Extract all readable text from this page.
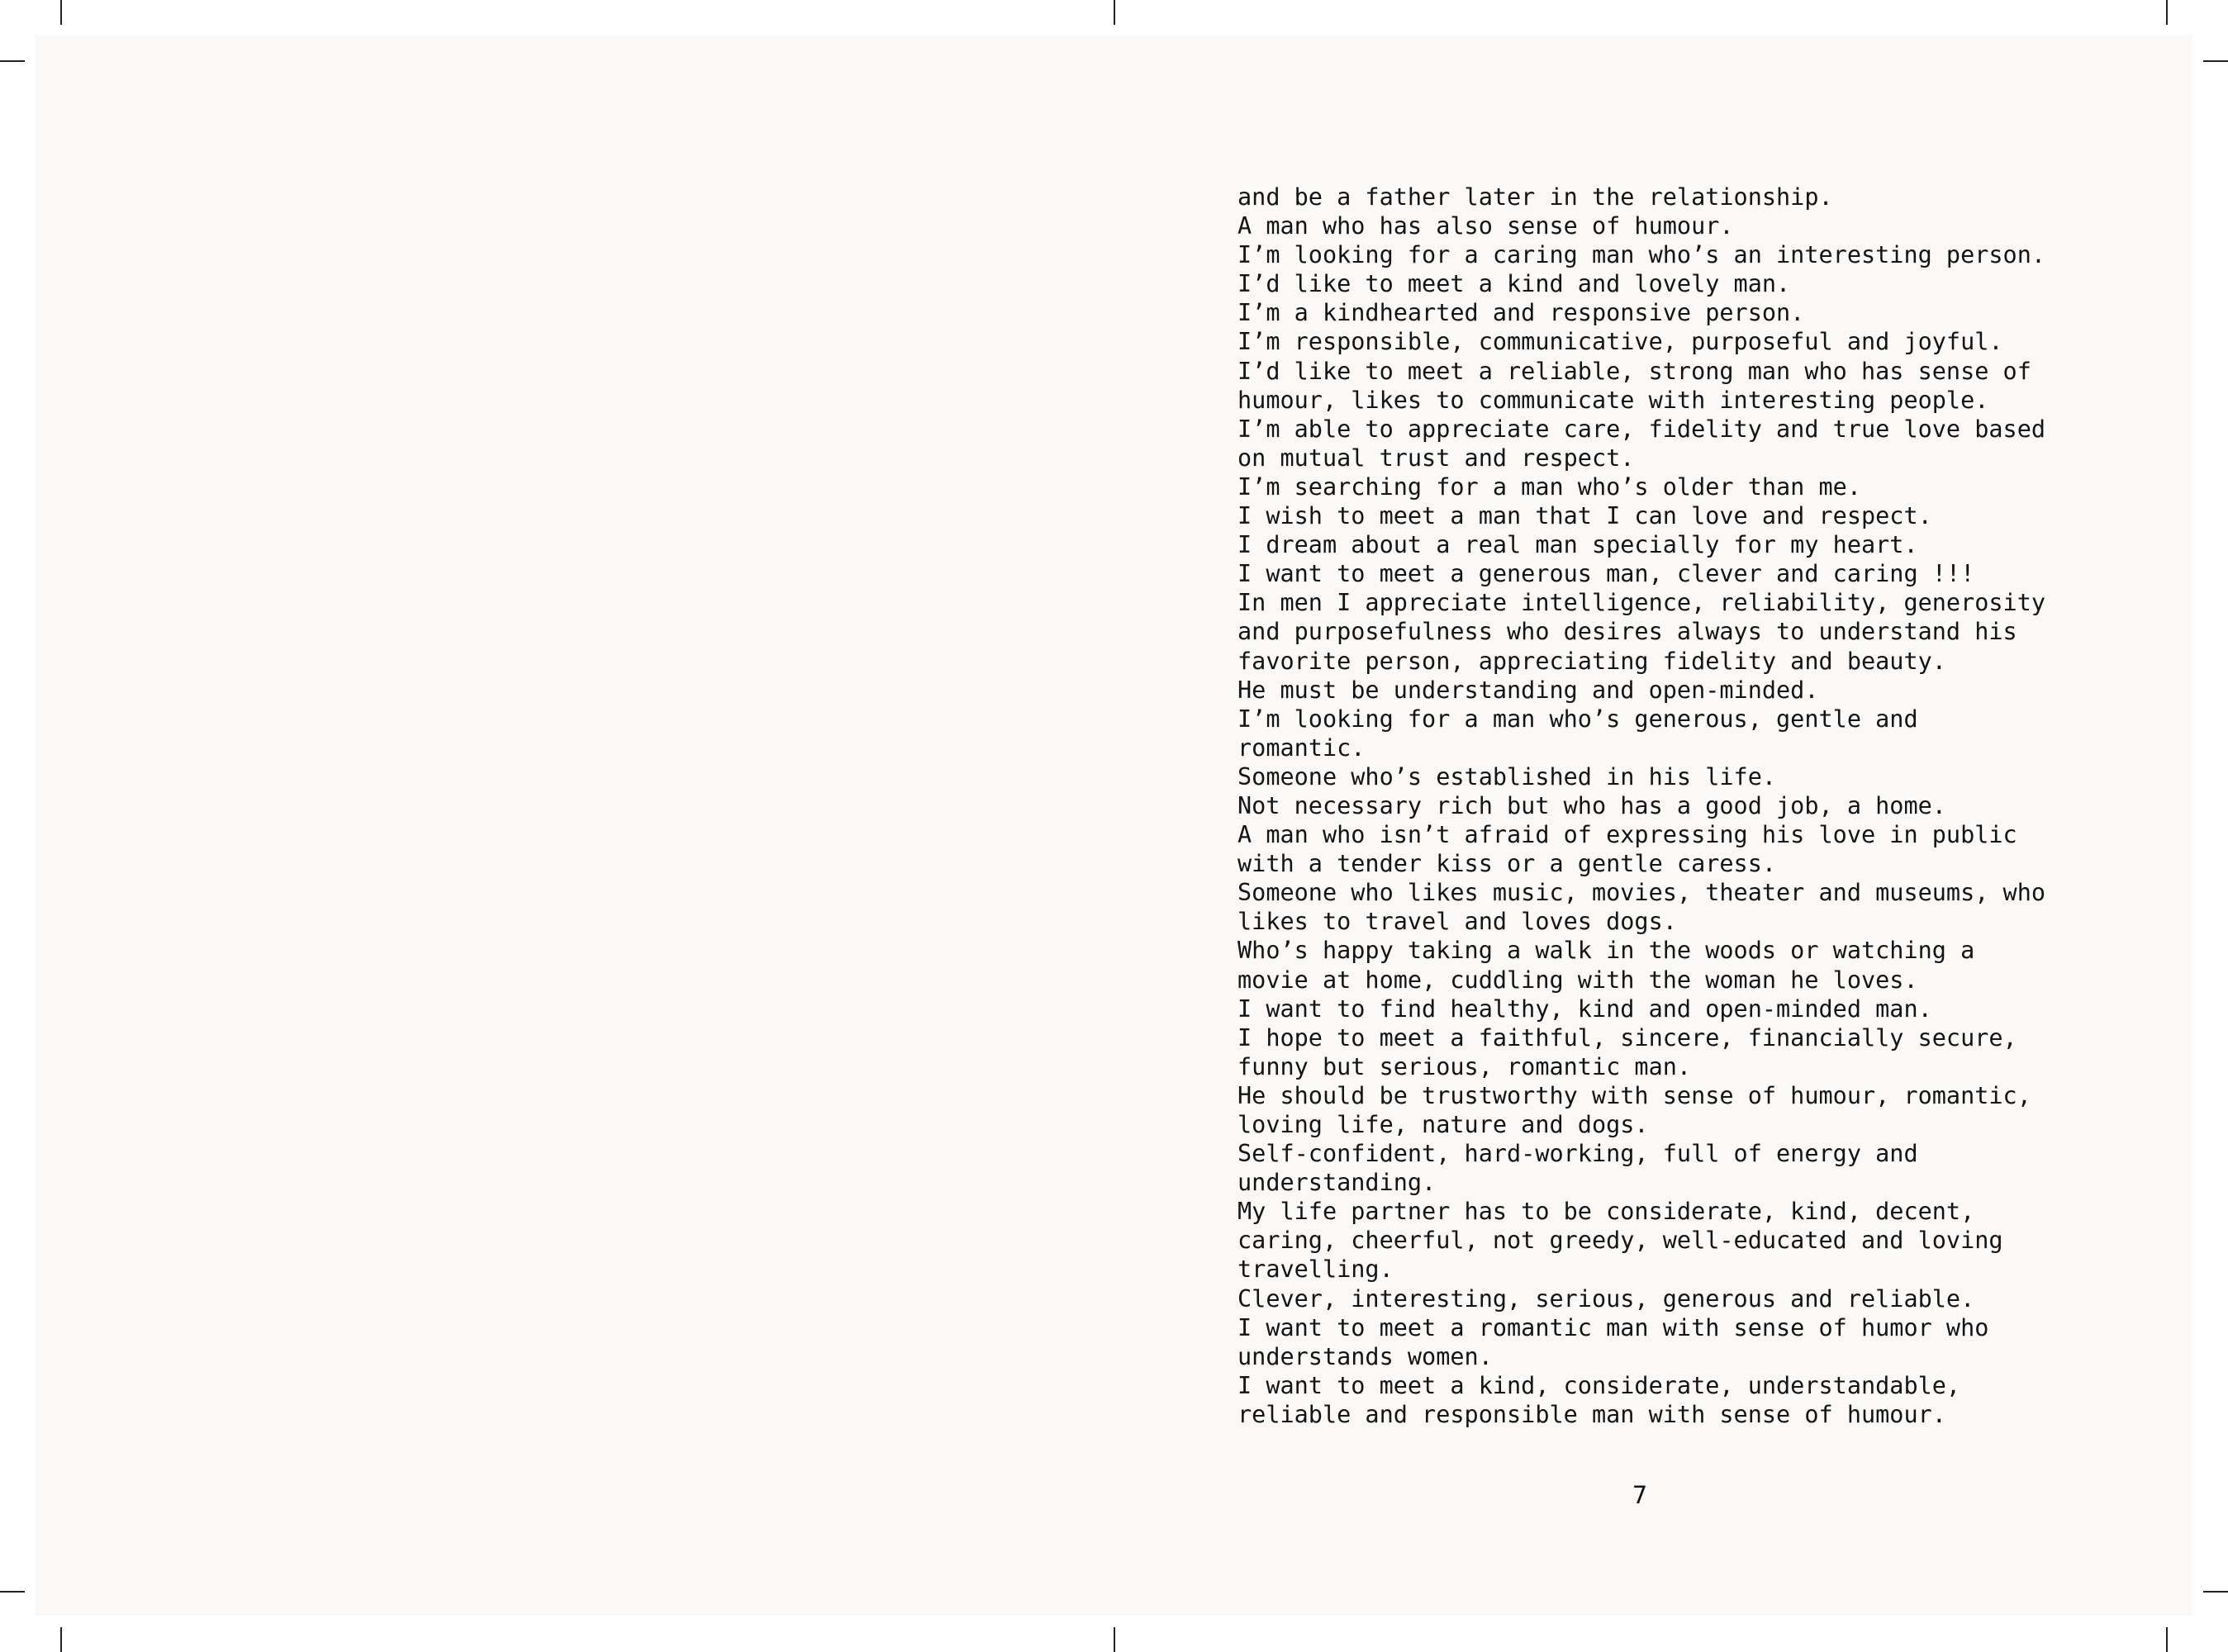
and be a father later in the relationship.
A man who has also sense of humour.
I’m looking for a caring man who’s an interesting person.
I’d like to meet a kind and lovely man.
I’m a kindhearted and responsive person.
I’m responsible, communicative, purposeful and joyful.
I’d like to meet a reliable, strong man who has sense of
humour, likes to communicate with interesting people.
I’m able to appreciate care, fidelity and true love based
on mutual trust and respect.
I’m searching for a man who’s older than me.
I wish to meet a man that I can love and respect.
I dream about a real man specially for my heart.
I want to meet a generous man, clever and caring !!!
In men I appreciate intelligence, reliability, generosity
and purposefulness who desires always to understand his
favorite person, appreciating fidelity and beauty.
He must be understanding and open-minded.
I’m looking for a man who’s generous, gentle and
romantic.
Someone who’s established in his life.
Not necessary rich but who has a good job, a home.
A man who isn’t afraid of expressing his love in public
with a tender kiss or a gentle caress.
Someone who likes music, movies, theater and museums, who
likes to travel and loves dogs.
Who’s happy taking a walk in the woods or watching a
movie at home, cuddling with the woman he loves.
I want to find healthy, kind and open-minded man.
I hope to meet a faithful, sincere, financially secure,
funny but serious, romantic man.
He should be trustworthy with sense of humour, romantic,
loving life, nature and dogs.
Self-confident, hard-working, full of energy and
understanding.
My life partner has to be considerate, kind, decent,
caring, cheerful, not greedy, well-educated and loving
travelling.
Clever, interesting, serious, generous and reliable.
I want to meet a romantic man with sense of humor who
understands women.
I want to meet a kind, considerate, understandable,
reliable and responsible man with sense of humour.
7
